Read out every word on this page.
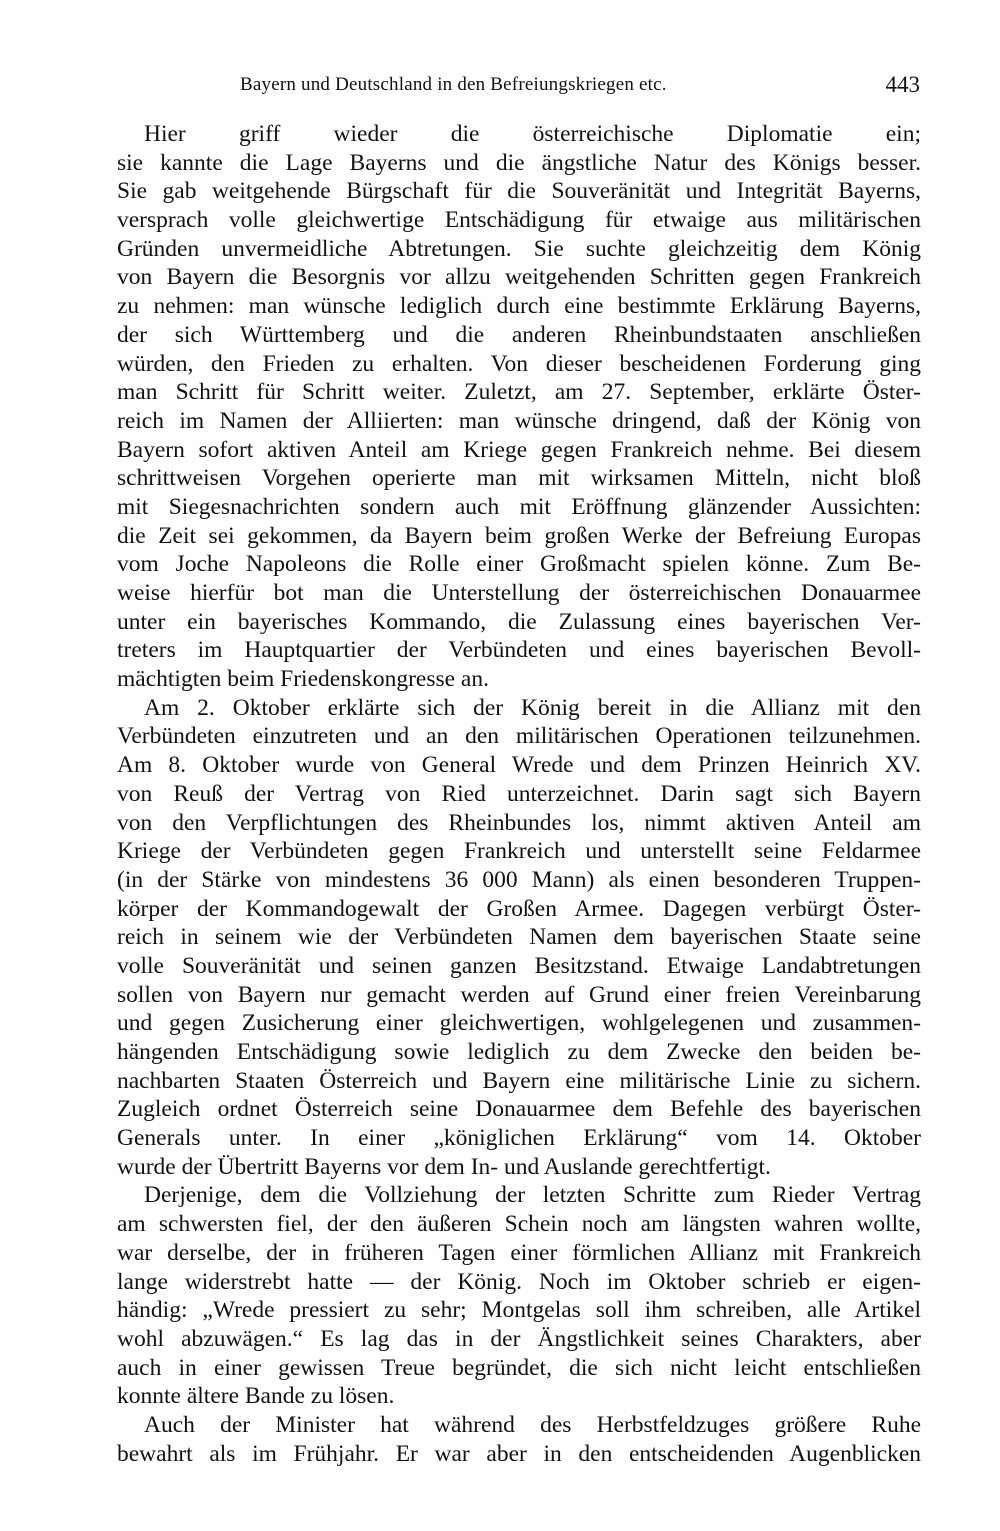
Bayern und Deutschland in den Befreiungskriegen etc.	443
Hier griff wieder die österreichische Diplomatie ein;
sie kannte die Lage Bayerns und die ängstliche Natur des Königs besser.
Sie gab weitgehende Bürgschaft für die Souveränität und Integrität Bayerns,
versprach volle gleichwertige Entschädigung für etwaige aus militärischen
Gründen unvermeidliche Abtretungen. Sie suchte gleichzeitig dem König
von Bayern die Besorgnis vor allzu weitgehenden Schritten gegen Frankreich
zu nehmen: man wünsche lediglich durch eine bestimmte Erklärung Bayerns,
der sich Württemberg und die anderen Rheinbundstaaten anschließen
würden, den Frieden zu erhalten. Von dieser bescheidenen Forderung ging
man Schritt für Schritt weiter. Zuletzt, am 27. September, erklärte Öster-
reich im Namen der Alliierten: man wünsche dringend, daß der König von
Bayern sofort aktiven Anteil am Kriege gegen Frankreich nehme. Bei diesem
schrittweisen Vorgehen operierte man mit wirksamen Mitteln, nicht bloß
mit Siegesnachrichten sondern auch mit Eröffnung glänzender Aussichten:
die Zeit sei gekommen, da Bayern beim großen Werke der Befreiung Europas
vom Joche Napoleons die Rolle einer Großmacht spielen könne. Zum Be-
weise hierfür bot man die Unterstellung der österreichischen Donauarmee
unter ein bayerisches Kommando, die Zulassung eines bayerischen Ver-
treters im Hauptquartier der Verbündeten und eines bayerischen Bevoll-
mächtigten beim Friedenskongresse an.
Am 2. Oktober erklärte sich der König bereit in die Allianz mit den
Verbündeten einzutreten und an den militärischen Operationen teilzunehmen.
Am 8. Oktober wurde von General Wrede und dem Prinzen Heinrich XV.
von Reuß der Vertrag von Ried unterzeichnet. Darin sagt sich Bayern
von den Verpflichtungen des Rheinbundes los, nimmt aktiven Anteil am
Kriege der Verbündeten gegen Frankreich und unterstellt seine Feldarmee
(in der Stärke von mindestens 36 000 Mann) als einen besonderen Truppen-
körper der Kommandogewalt der Großen Armee. Dagegen verbürgt Öster-
reich in seinem wie der Verbündeten Namen dem bayerischen Staate seine
volle Souveränität und seinen ganzen Besitzstand. Etwaige Landabtretungen
sollen von Bayern nur gemacht werden auf Grund einer freien Vereinbarung
und gegen Zusicherung einer gleichwertigen, wohlgelegenen und zusammen-
hängenden Entschädigung sowie lediglich zu dem Zwecke den beiden be-
nachbarten Staaten Österreich und Bayern eine militärische Linie zu sichern.
Zugleich ordnet Österreich seine Donauarmee dem Befehle des bayerischen
Generals unter. In einer „königlichen Erklärung“ vom 14. Oktober
wurde der Übertritt Bayerns vor dem In- und Auslande gerechtfertigt.
Derjenige, dem die Vollziehung der letzten Schritte zum Rieder Vertrag
am schwersten fiel, der den äußeren Schein noch am längsten wahren wollte,
war derselbe, der in früheren Tagen einer förmlichen Allianz mit Frankreich
lange widerstrebt hatte — der König. Noch im Oktober schrieb er eigen-
händig: „Wrede pressiert zu sehr; Montgelas soll ihm schreiben, alle Artikel
wohl abzuwägen.“ Es lag das in der Ängstlichkeit seines Charakters, aber
auch in einer gewissen Treue begründet, die sich nicht leicht entschließen
konnte ältere Bande zu lösen.
Auch der Minister hat während des Herbstfeldzuges größere Ruhe
bewahrt als im Frühjahr. Er war aber in den entscheidenden Augenblicken
